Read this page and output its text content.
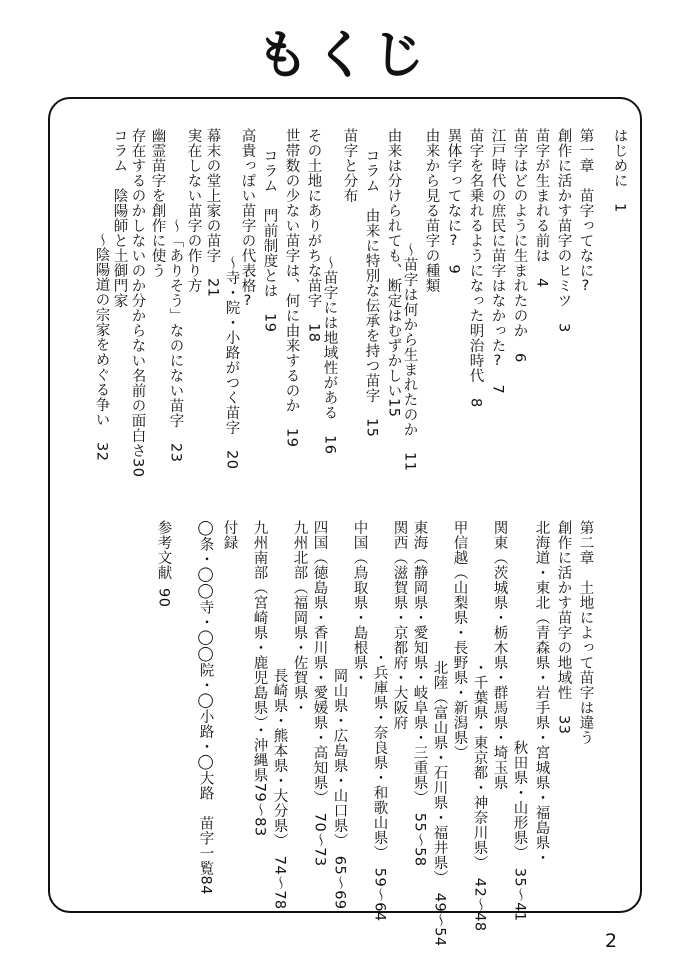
もくじ
はじめに　1
第一章　苗字ってなに?
創作に活かす苗字のヒミツ　3
苗字が生まれる前は　4
苗字はどのように生まれたのか　6
江戸時代の庶民に苗字はなかった?　7
苗字を名乗れるようになった明治時代　8
異体字ってなに?　9
由来から見る苗字の種類
～苗字は何から生まれたのか　11
由来は分けられても、断定はむずかしい15
コラム　由来に特別な伝承を持つ苗字　15
苗字と分布
～苗字には地域性がある　16
その土地にありがちな苗字　18
世帯数の少ない苗字は、何に由来するのか　19
コラム　門前制度とは　19
高貴っぽい苗字の代表格?
～寺・院・小路がつく苗字　20
幕末の堂上家の苗字　21
実在しない苗字の作り方
～「ありそう」なのにない苗字　23
幽霊苗字を創作に使う
存在するのかしないのか分からない名前の面白さ30
コラム　陰陽師と土御門家
～陰陽道の宗家をめぐる争い　32
第二章　土地によって苗字は違う
創作に活かす苗字の地域性　33
北海道・東北（青森県・岩手県・宮城県・福島県・
秋田県・山形県）　35～41
関東（茨城県・栃木県・群馬県・埼玉県
・千葉県・東京都・神奈川県）　42～48
甲信越（山梨県・長野県・新潟県）
北陸（富山県・石川県・福井県）　49～54
東海（静岡県・愛知県・岐阜県・三重県）　55～58
関西（滋賀県・京都府・大阪府
・兵庫県・奈良県・和歌山県）　59～64
中国（鳥取県・島根県・
岡山県・広島県・山口県）　65～69
四国（徳島県・香川県・愛媛県・高知県）　70～73
九州北部（福岡県・佐賀県・
長崎県・熊本県・大分県）　74～78
九州南部（宮崎県・鹿児島県）・沖縄県79～83
付録
◯条・◯◯寺・◯◯院・◯小路・◯大路　苗字一覧84
参考文献
90
2
